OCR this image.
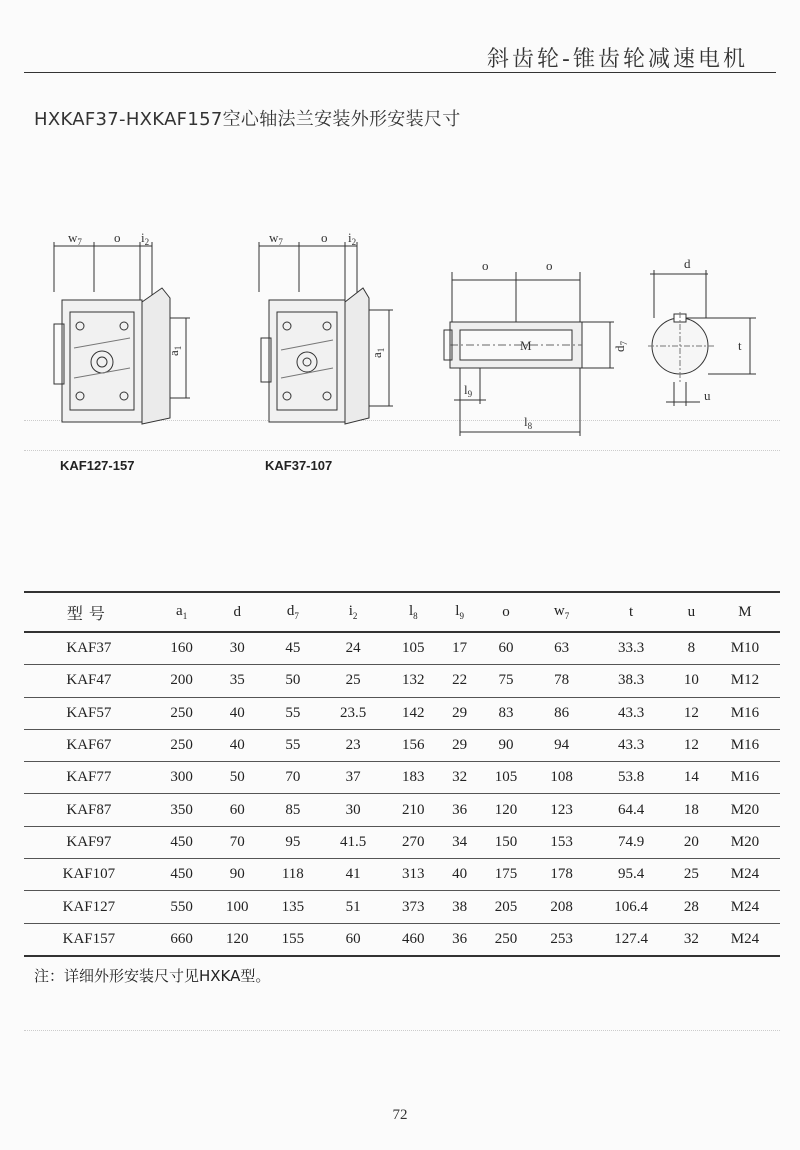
斜齿轮-锥齿轮减速电机
HXKAF37-HXKAF157空心轴法兰安装外形安装尺寸
$w_7$ o $i_2$
$a_1$
KAF127-157
$w_7$	o $i_2$
$a_1$
KAF37-107
o	o
M	$d_7$
$l_9$
$l_8$
d
t
u
型号	$a_1$	d	$d_7$	$i_2$	$l_8$	$l_9$	o	$w_7$	t	u	M
KAF37	160	30	45	24	105	17	60	63	33.3	8	M10
KAF47	200	35	50	25	132	22	75	78	38.3	10	M12
KAF57	250	40	55	23.5	142	29	83	86	43.3	12	M16
KAF67	250	40	55	23	156	29	90	94	43.3	12	M16
KAF77	300	50	70	37	183	32	105	108	53.8	14	M16
KAF87	350	60	85	30	210	36	120	123	64.4	18	M20
KAF97	450	70	95	41.5	270	34	150	153	74.9	20	M20
KAF107	450	90	118	41	313	40	175	178	95.4	25	M24
KAF127	550	100	135	51	373	38	205	208	106.4	28	M24
KAF157	660	120	155	60	460	36	250	253	127.4	32	M24
注：详细外形安装尺寸见HXKA型。
72
